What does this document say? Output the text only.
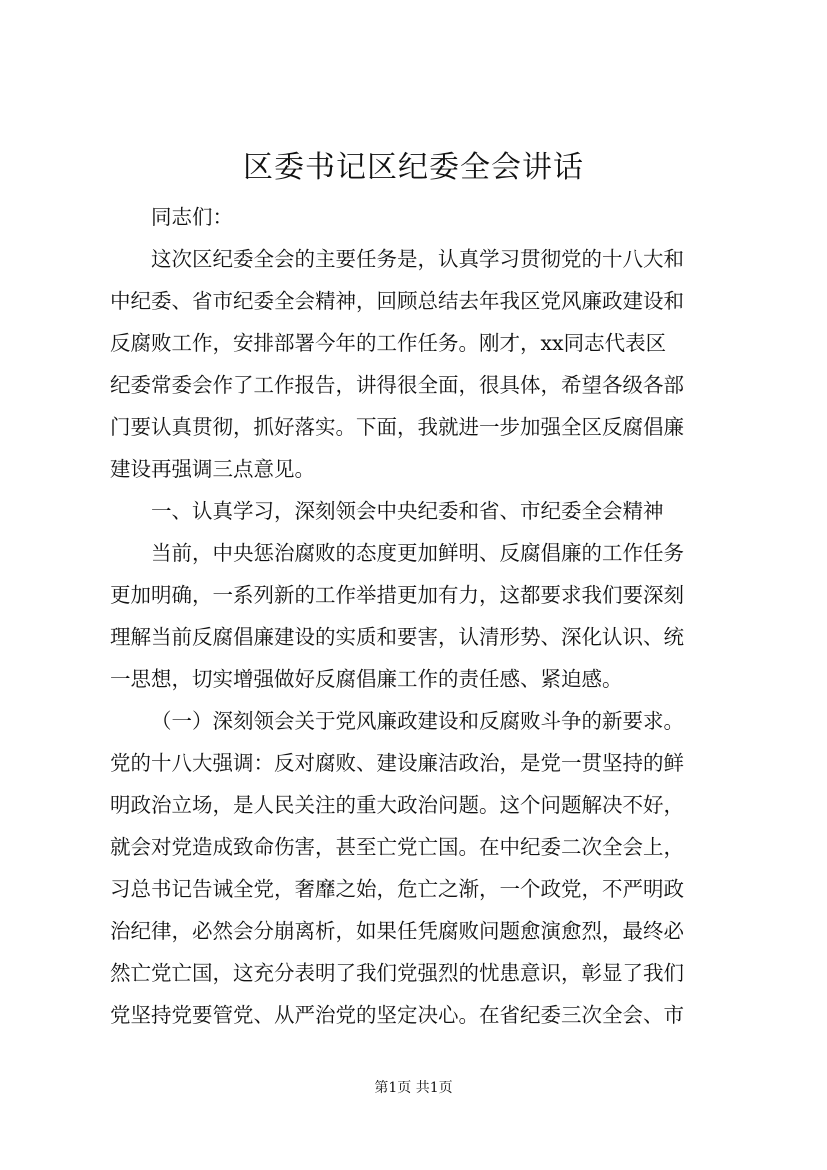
区委书记区纪委全会讲话
同志们：
这次区纪委全会的主要任务是，认真学习贯彻党的十八大和
中纪委、省市纪委全会精神，回顾总结去年我区党风廉政建设和
反腐败工作，安排部署今年的工作任务。刚才，xx同志代表区
纪委常委会作了工作报告，讲得很全面，很具体，希望各级各部
门要认真贯彻，抓好落实。下面，我就进一步加强全区反腐倡廉
建设再强调三点意见。
一、认真学习，深刻领会中央纪委和省、市纪委全会精神
当前，中央惩治腐败的态度更加鲜明、反腐倡廉的工作任务
更加明确，一系列新的工作举措更加有力，这都要求我们要深刻
理解当前反腐倡廉建设的实质和要害，认清形势、深化认识、统
一思想，切实增强做好反腐倡廉工作的责任感、紧迫感。
（一）深刻领会关于党风廉政建设和反腐败斗争的新要求。
党的十八大强调：反对腐败、建设廉洁政治，是党一贯坚持的鲜
明政治立场，是人民关注的重大政治问题。这个问题解决不好，
就会对党造成致命伤害，甚至亡党亡国。在中纪委二次全会上，
习总书记告诫全党，奢靡之始，危亡之渐，一个政党，不严明政
治纪律，必然会分崩离析，如果任凭腐败问题愈演愈烈，最终必
然亡党亡国，这充分表明了我们党强烈的忧患意识，彰显了我们
党坚持党要管党、从严治党的坚定决心。在省纪委三次全会、市
第1页 共1页
